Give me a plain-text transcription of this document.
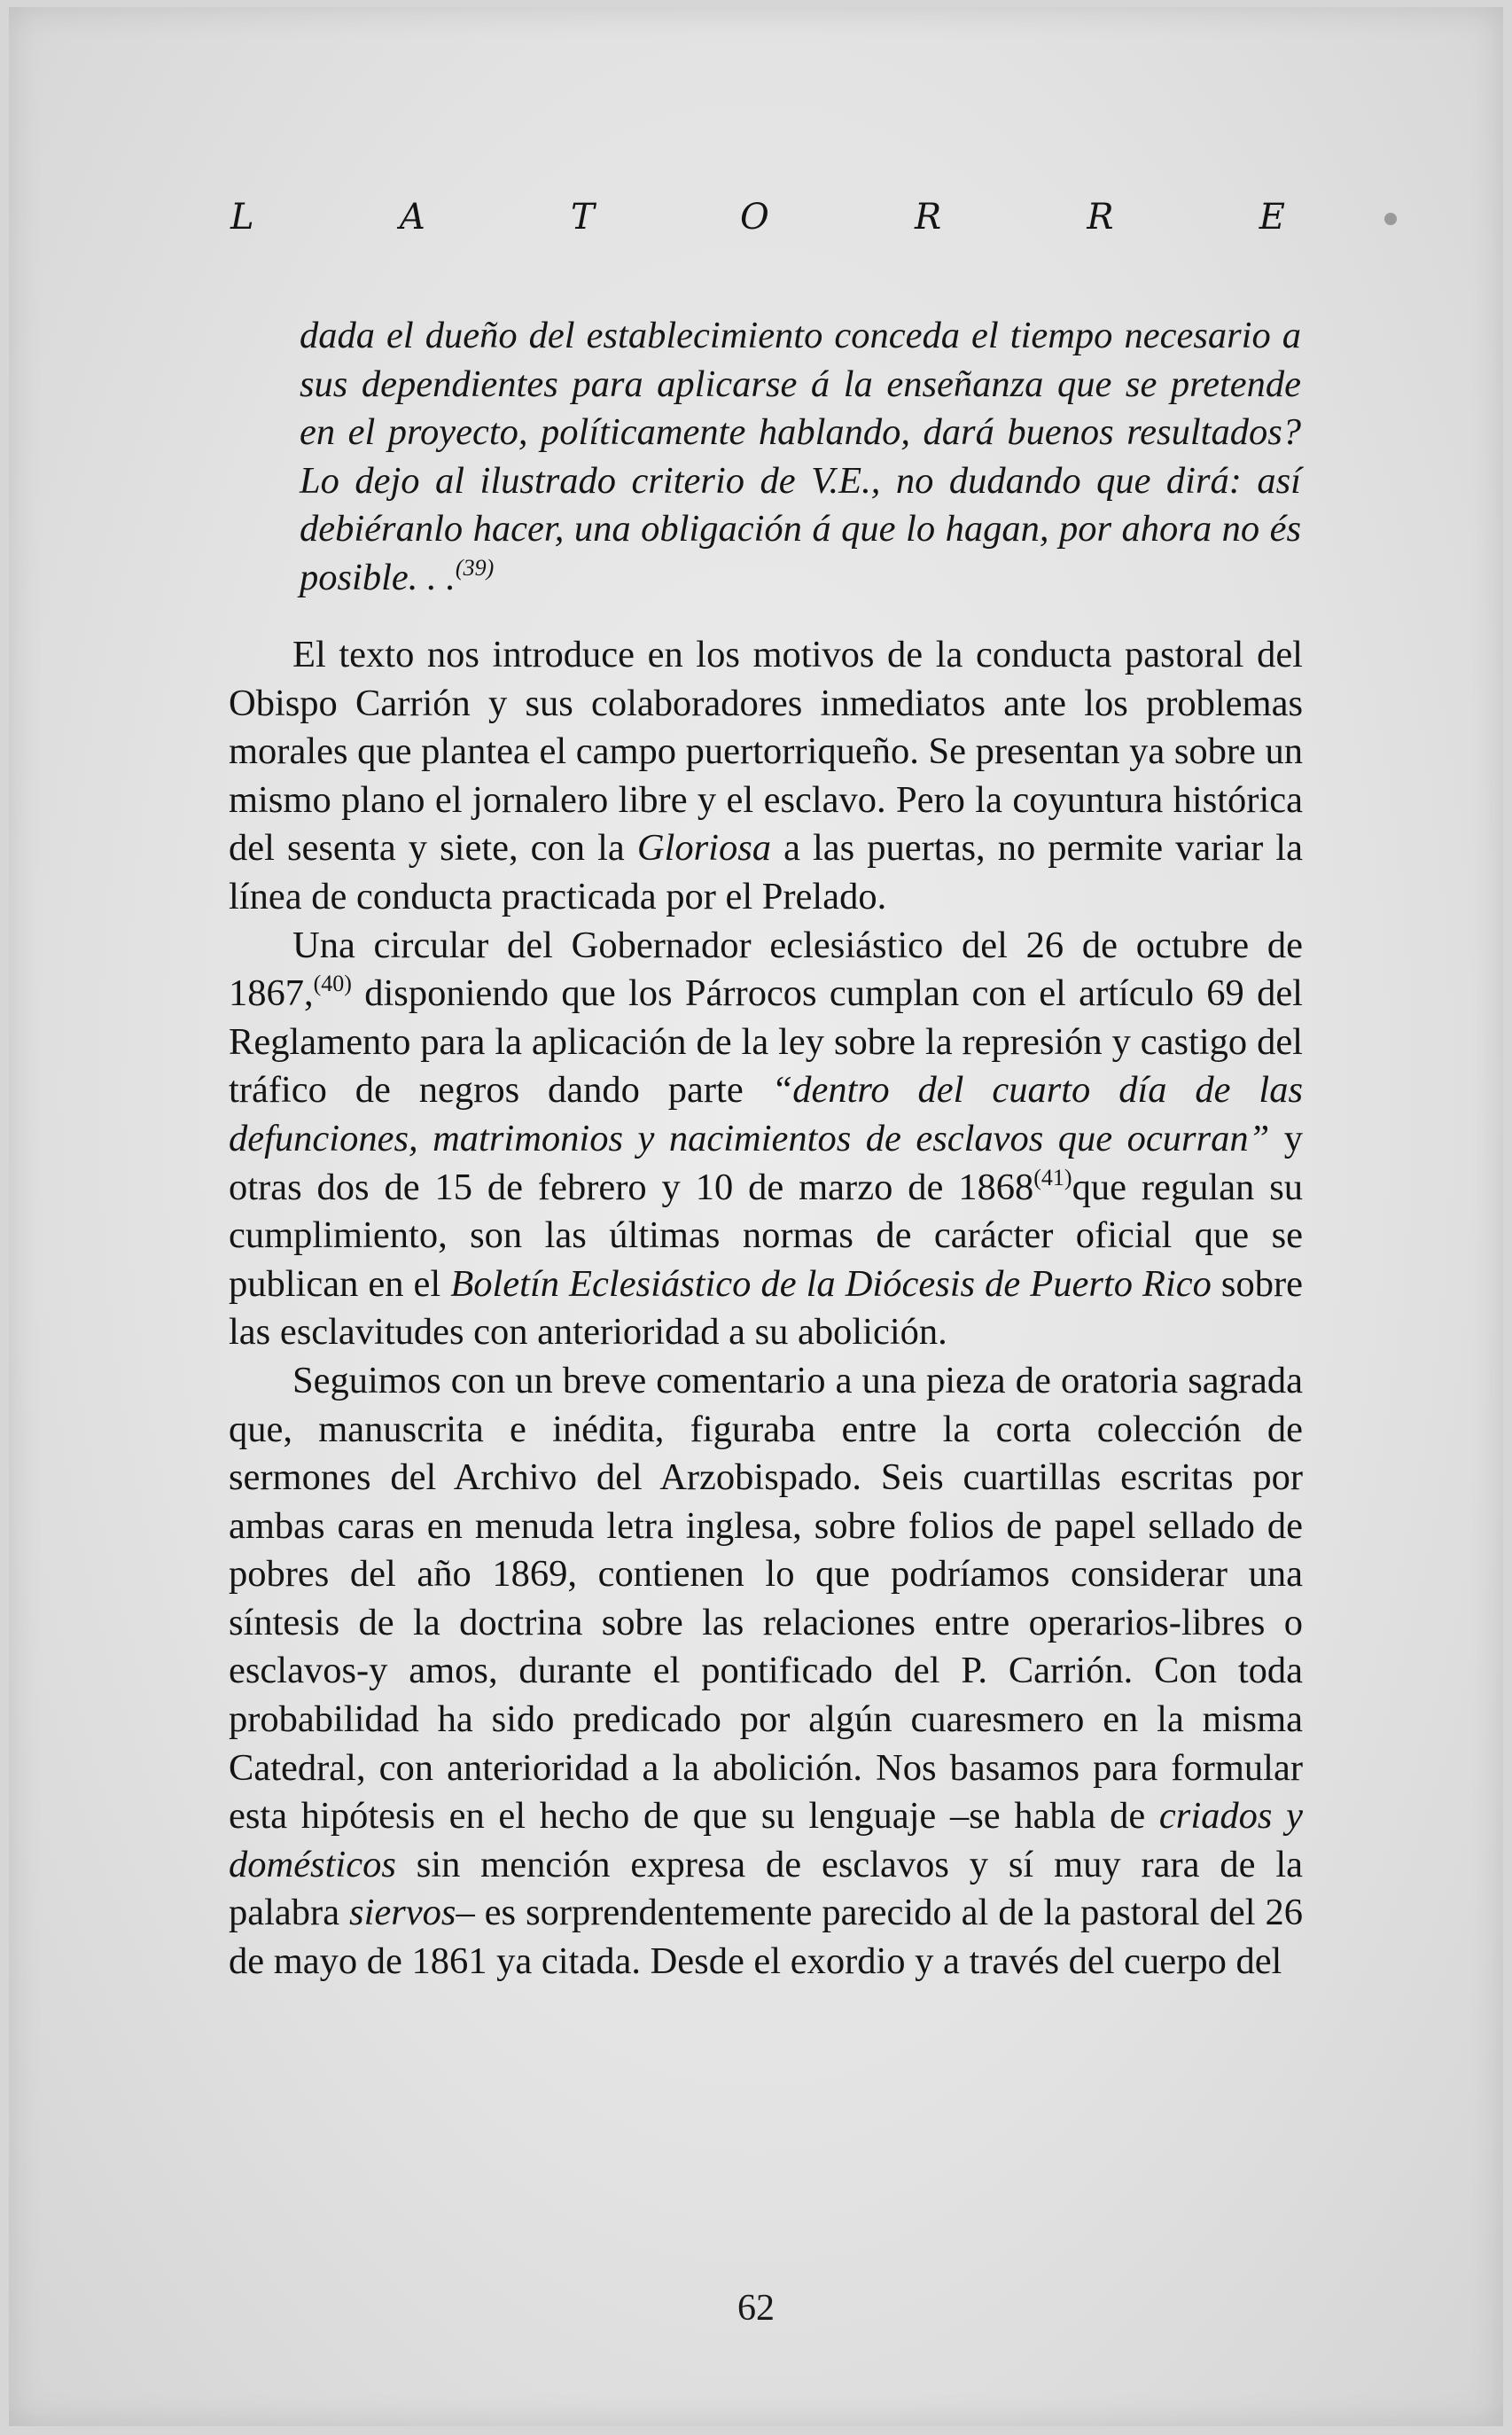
L	A	T	O	R	R	E

dada el dueño del establecimiento conceda el tiempo necesario a sus dependientes para aplicarse á la enseñanza que se pretende en el proyecto, políticamente hablando, dará buenos resultados? Lo dejo al ilustrado criterio de V.E., no dudando que dirá: así debiéranlo hacer, una obligación á que lo hagan, por ahora no és posible. . .$^{(39)}$

El texto nos introduce en los motivos de la conducta pastoral del Obispo Carrión y sus colaboradores inmediatos ante los problemas morales que plantea el campo puertorriqueño. Se presentan ya sobre un mismo plano el jornalero libre y el esclavo. Pero la coyuntura histórica del sesenta y siete, con la Gloriosa a las puertas, no permite variar la línea de conducta practicada por el Prelado.

Una circular del Gobernador eclesiástico del 26 de octubre de 1867,$^{(40)}$ disponiendo que los Párrocos cumplan con el artículo 69 del Reglamento para la aplicación de la ley sobre la represión y castigo del tráfico de negros dando parte “dentro del cuarto día de las defunciones, matrimonios y nacimientos de esclavos que ocurran” y otras dos de 15 de febrero y 10 de marzo de 1868$^{(41)}$que regulan su cumplimiento, son las últimas normas de carácter oficial que se publican en el Boletín Eclesiástico de la Diócesis de Puerto Rico sobre las esclavitudes con anterioridad a su abolición.

Seguimos con un breve comentario a una pieza de oratoria sagrada que, manuscrita e inédita, figuraba entre la corta colección de sermones del Archivo del Arzobispado. Seis cuartillas escritas por ambas caras en menuda letra inglesa, sobre folios de papel sellado de pobres del año 1869, contienen lo que podríamos considerar una síntesis de la doctrina sobre las relaciones entre operarios-libres o esclavos-y amos, durante el pontificado del P. Carrión. Con toda probabilidad ha sido predicado por algún cuaresmero en la misma Catedral, con anterioridad a la abolición. Nos basamos para formular esta hipótesis en el hecho de que su lenguaje –se habla de criados y domésticos sin mención expresa de esclavos y sí muy rara de la palabra siervos– es sorprendentemente parecido al de la pastoral del 26 de mayo de 1861 ya citada. Desde el exordio y a través del cuerpo del

62
